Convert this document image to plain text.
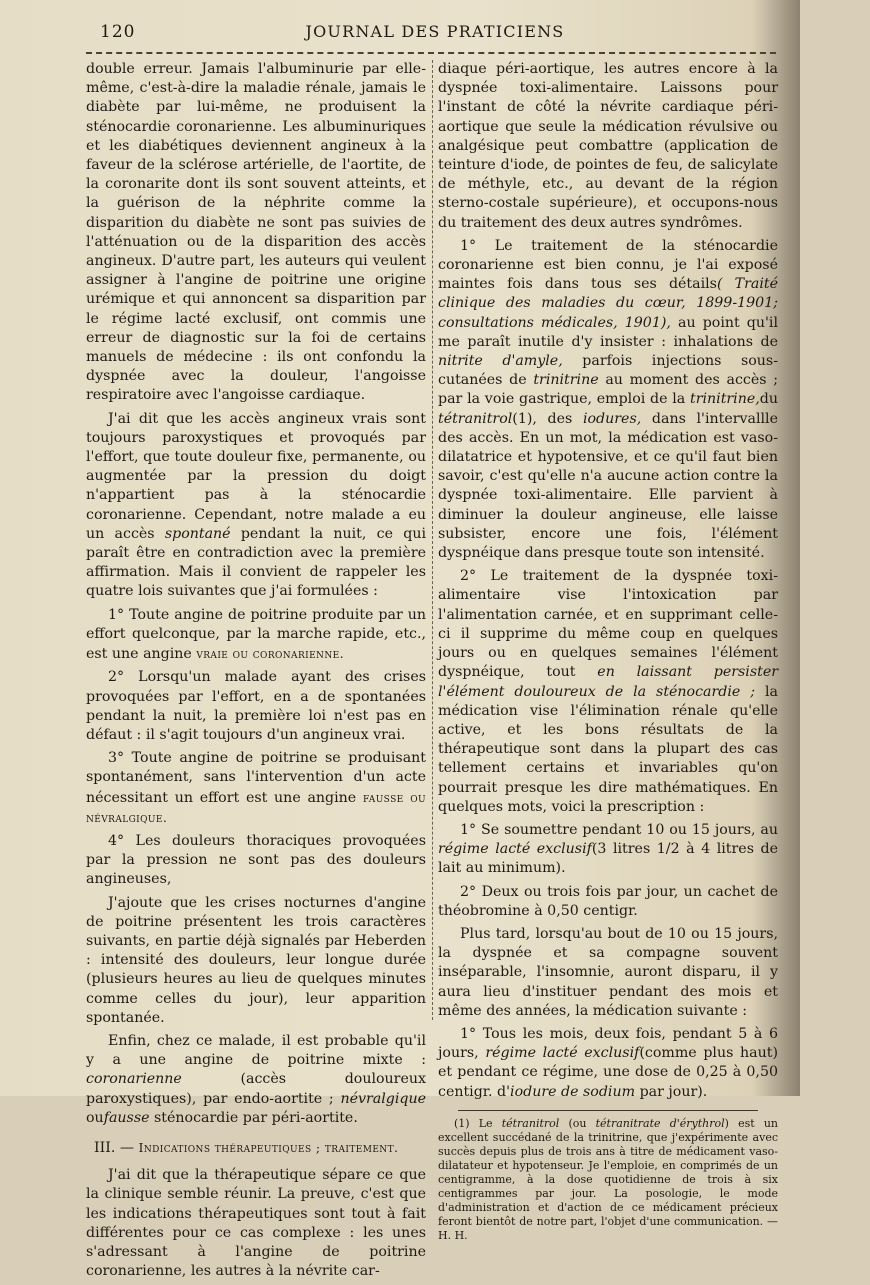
120	JOURNAL DES PRATICIENS

double erreur. Jamais l'albuminurie par elle-même, c'est-à-dire la maladie rénale, jamais le diabète par lui-même, ne produisent la sténocardie coronarienne. Les albuminuriques et les diabétiques deviennent angineux à la faveur de la sclérose artérielle, de l'aortite, de la coronarite dont ils sont souvent atteints, et la guérison de la néphrite comme la disparition du diabète ne sont pas suivies de l'atténuation ou de la disparition des accès angineux. D'autre part, les auteurs qui veulent assigner à l'angine de poitrine une origine urémique et qui annoncent sa disparition par le régime lacté exclusif, ont commis une erreur de diagnostic sur la foi de certains manuels de médecine : ils ont confondu la dyspnée avec la douleur, l'angoisse respiratoire avec l'angoisse cardiaque.

J'ai dit que les accès angineux vrais sont toujours paroxystiques et provoqués par l'effort, que toute douleur fixe, permanente, ou augmentée par la pression du doigt n'appartient pas à la sténocardie coronarienne. Cependant, notre malade a eu un accès spontané pendant la nuit, ce qui paraît être en contradiction avec la première affirmation. Mais il convient de rappeler les quatre lois suivantes que j'ai formulées :

1° Toute angine de poitrine produite par un effort quelconque, par la marche rapide, etc., est une angine vraie ou coronarienne.

2° Lorsqu'un malade ayant des crises provoquées par l'effort, en a de spontanées pendant la nuit, la première loi n'est pas en défaut : il s'agit toujours d'un angineux vrai.

3° Toute angine de poitrine se produisant spontanément, sans l'intervention d'un acte nécessitant un effort est une angine fausse ou névralgique.

4° Les douleurs thoraciques provoquées par la pression ne sont pas des douleurs angineuses,

J'ajoute que les crises nocturnes d'angine de poitrine présentent les trois caractères suivants, en partie déjà signalés par Heberden : intensité des douleurs, leur longue durée (plusieurs heures au lieu de quelques minutes comme celles du jour), leur apparition spontanée.

Enfin, chez ce malade, il est probable qu'il y a une angine de poitrine mixte : coronarienne	(accès douloureux paroxystiques), par endo-aortite ; névralgique oufausse sténocardie par péri-aortite.

III. — Indications thérapeutiques ; traitement.

J'ai dit que la thérapeutique sépare ce que la clinique semble réunir. La preuve, c'est que les indications thérapeutiques sont tout à fait différentes pour ce cas complexe : les unes s'adressant à l'angine de poitrine coronarienne, les autres à la névrite car-

diaque péri-aortique, les autres encore à la dyspnée toxi-alimentaire. Laissons pour l'instant de côté la névrite cardiaque péri-aortique que seule la médication révulsive ou analgésique peut combattre (application de teinture d'iode, de pointes de feu, de salicylate de méthyle, etc., au devant de la région sterno-costale supérieure), et occupons-nous du traitement des deux autres syndrômes.

1° Le traitement de la sténocardie coronarienne est bien connu, je l'ai exposé maintes fois dans tous ses détails( Traité clinique des maladies du cœur, 1899-1901; consultations médicales, 1901), au point qu'il me paraît inutile d'y insister : inhalations de nitrite d'amyle, parfois injections sous-cutanées de trinitrine au moment des accès ; par la voie gastrique, emploi de la trinitrine,du tétranitrol(1), des iodures, dans l'intervallle des accès. En un mot, la médication est vaso-dilatatrice et hypotensive, et ce qu'il faut bien savoir, c'est qu'elle n'a aucune action contre la dyspnée toxi-alimentaire. Elle parvient à diminuer la douleur angineuse, elle laisse subsister, encore une fois, l'élément dyspnéique dans presque toute son intensité.

2° Le traitement de la dyspnée toxi-alimentaire vise l'intoxication par l'alimentation carnée, et en supprimant celle-ci il supprime du même coup en quelques jours ou en quelques semaines l'élément dyspnéique, tout en laissant persister l'élément douloureux de la sténocardie ; la médication vise l'élimination rénale qu'elle active, et les bons résultats de la thérapeutique sont dans la plupart des cas tellement certains et invariables qu'on pourrait presque les dire mathématiques. En quelques mots, voici la prescription :

1° Se soumettre pendant 10 ou 15 jours, au régime lacté exclusif(3 litres 1/2 à 4 litres de lait au minimum).

2° Deux ou trois fois par jour, un cachet de théobromine à 0,50 centigr.

Plus tard, lorsqu'au bout de 10 ou 15 jours, la dyspnée et sa compagne souvent inséparable, l'insomnie, auront disparu, il y aura lieu d'instituer pendant des mois et même des années, la médication suivante :

1° Tous les mois, deux fois, pendant 5 à 6 jours, régime lacté exclusif(comme plus haut) et pendant ce régime, une dose de 0,25 à 0,50 centigr. d'iodure de sodium par jour).

(1) Le tétranitrol (ou tétranitrate d'érythrol) est un excellent succédané de la trinitrine, que j'expérimente avec succès depuis plus de trois ans à titre de médicament vaso-dilatateur et hypotenseur. Je l'emploie, en comprimés de un centigramme, à la dose quotidienne de trois à six centigrammes par jour. La posologie, le mode d'administration et d'action de ce médicament précieux feront bientôt de notre part, l'objet d'une communication. — H. H.
